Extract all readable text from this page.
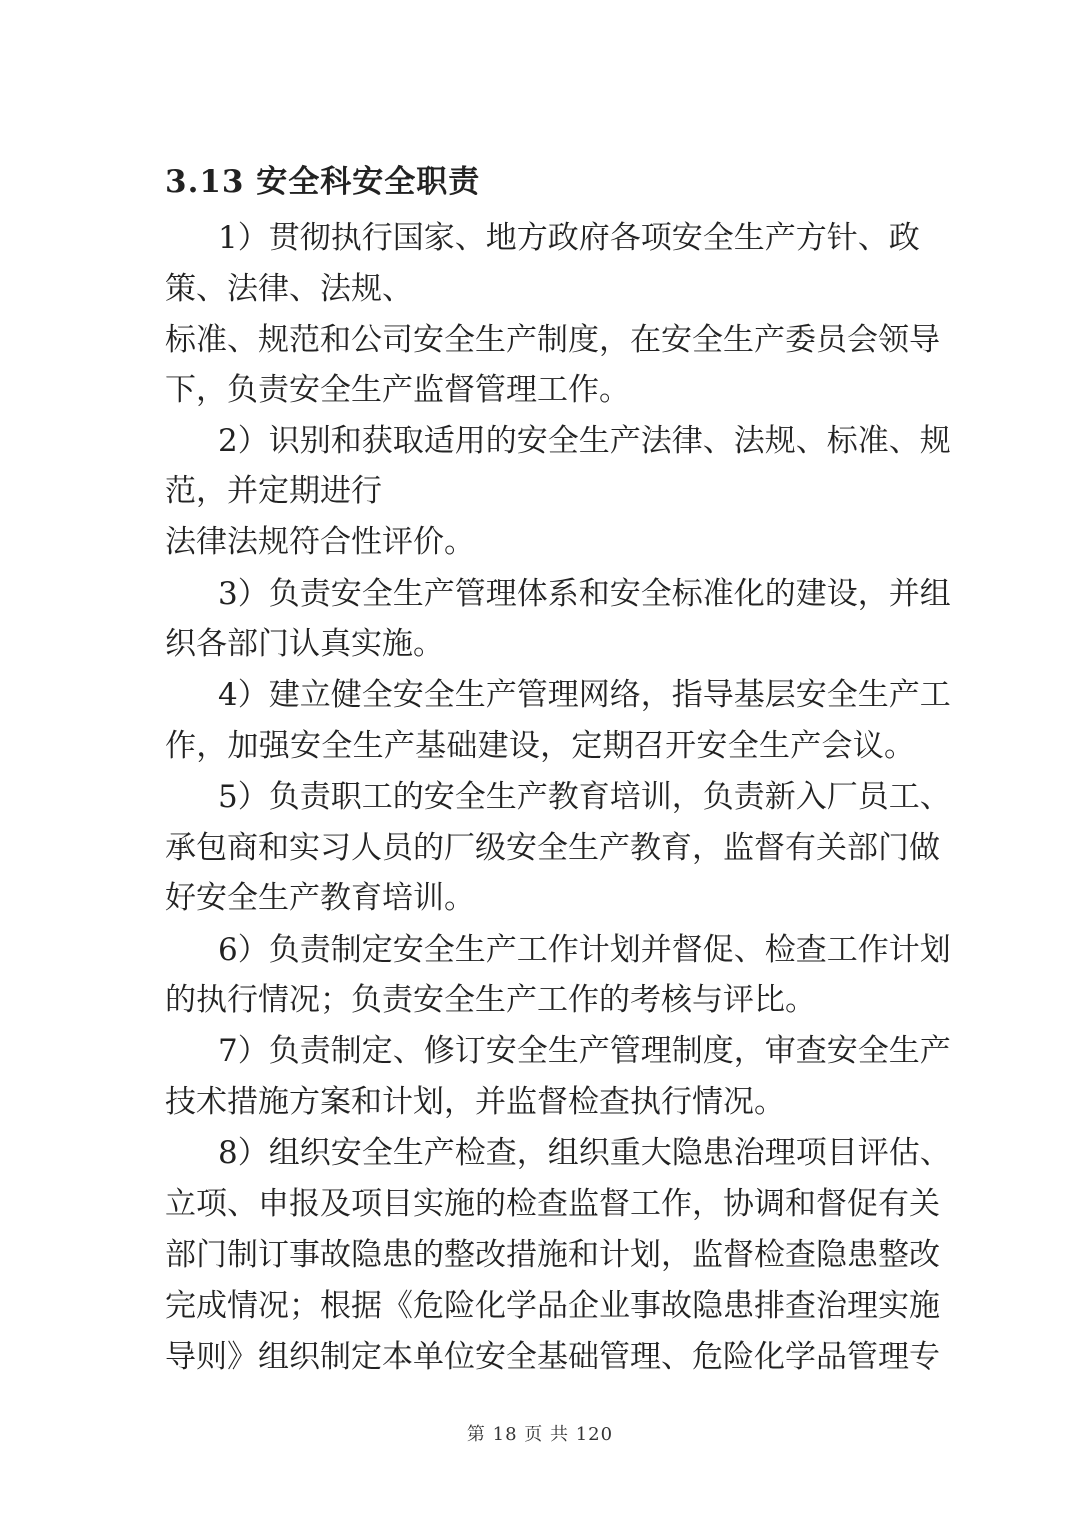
3.13 安全科安全职责
1）贯彻执行国家、地方政府各项安全生产方针、政
策、法律、法规、
标准、规范和公司安全生产制度，在安全生产委员会领导
下，负责安全生产监督管理工作。
2）识别和获取适用的安全生产法律、法规、标准、规
范，并定期进行
法律法规符合性评价。
3）负责安全生产管理体系和安全标准化的建设，并组
织各部门认真实施。
4）建立健全安全生产管理网络，指导基层安全生产工
作，加强安全生产基础建设，定期召开安全生产会议。
5）负责职工的安全生产教育培训，负责新入厂员工、
承包商和实习人员的厂级安全生产教育，监督有关部门做
好安全生产教育培训。
6）负责制定安全生产工作计划并督促、检查工作计划
的执行情况；负责安全生产工作的考核与评比。
7）负责制定、修订安全生产管理制度，审查安全生产
技术措施方案和计划，并监督检查执行情况。
8）组织安全生产检查，组织重大隐患治理项目评估、
立项、申报及项目实施的检查监督工作，协调和督促有关
部门制订事故隐患的整改措施和计划，监督检查隐患整改
完成情况；根据《危险化学品企业事故隐患排查治理实施
导则》组织制定本单位安全基础管理、危险化学品管理专
第 18 页 共 120
